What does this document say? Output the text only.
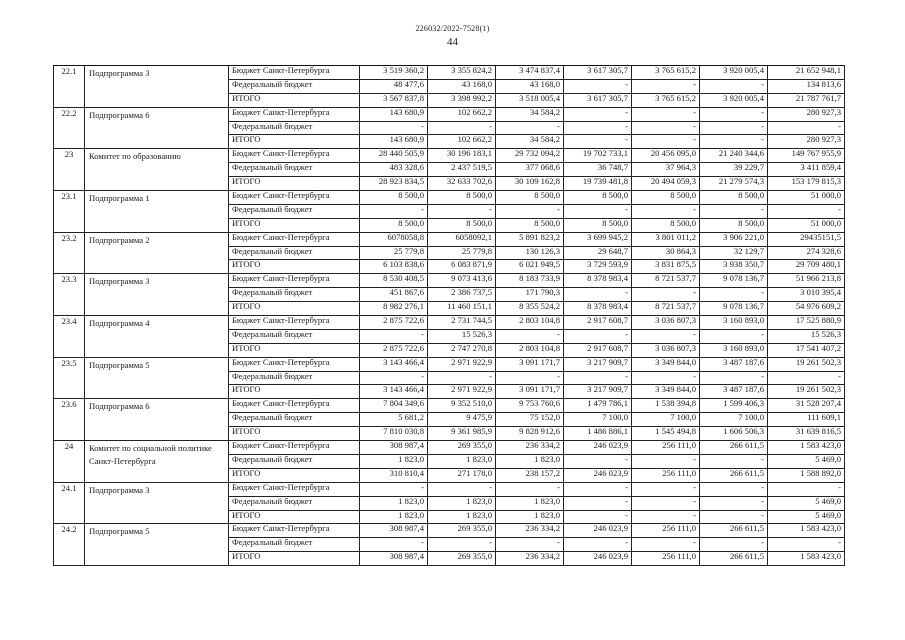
226032/2022-7528(1)
44
22.1	Подпрограмма 3	Бюджет Санкт-Петербурга	3 519 360,2	3 355 824,2	3 474 837,4	3 617 305,7	3 765 615,2	3 920 005,4	21 652 948,1
		Федеральный бюджет	48 477,6	43 168,0	43 168,0	-	-	-	134 813,6
		ИТОГО	3 567 837,8	3 398 992,2	3 518 005,4	3 617 305,7	3 765 615,2	3 920 005,4	21 787 761,7
22.2	Подпрограмма 6	Бюджет Санкт-Петербурга	143 680,9	102 662,2	34 584,2	-	-	-	280 927,3
		Федеральный бюджет	-	-	-	-	-	-	-
		ИТОГО	143 680,9	102 662,2	34 584,2	-	-	-	280 927,3
23	Комитет по образованию	Бюджет Санкт-Петербурга	28 440 505,9	30 196 183,1	29 732 094,2	19 702 733,1	20 456 095,0	21 240 344,6	149 767 955,9
		Федеральный бюджет	483 328,6	2 437 519,5	377 068,6	36 748,7	37 964,3	39 229,7	3 411 859,4
		ИТОГО	28 923 834,5	32 633 702,6	30 109 162,8	19 739 481,8	20 494 059,3	21 279 574,3	153 179 815,3
23.1	Подпрограмма 1	Бюджет Санкт-Петербурга	8 500,0	8 500,0	8 500,0	8 500,0	8 500,0	8 500,0	51 000,0
		Федеральный бюджет	-	-	-	-	-	-	-
		ИТОГО	8 500,0	8 500,0	8 500,0	8 500,0	8 500,0	8 500,0	51 000,0
23.2	Подпрограмма 2	Бюджет Санкт-Петербурга	6078058,8	6058092,1	5 891 823,2	3 699 945,2	3 801 011,2	3 906 221,0	29435151,5
		Федеральный бюджет	25 779,8	25 779,8	130 126,3	29 648,7	30 864,3	32 129,7	274 328,6
		ИТОГО	6 103 838,6	6 083 871,9	6 021 949,5	3 729 593,9	3 831 875,5	3 938 350,7	29 709 480,1
23.3	Подпрограмма 3	Бюджет Санкт-Петербурга	8 530 408,5	9 073 413,6	8 183 733,9	8 378 983,4	8 721 537,7	9 078 136,7	51 966 213,8
		Федеральный бюджет	451 867,6	2 386 737,5	171 790,3	-	-	-	3 010 395,4
		ИТОГО	8 982 276,1	11 460 151,1	8 355 524,2	8 378 983,4	8 721 537,7	9 078 136,7	54 976 609,2
23.4	Подпрограмма 4	Бюджет Санкт-Петербурга	2 875 722,6	2 731 744,5	2 803 104,8	2 917 608,7	3 036 807,3	3 160 893,0	17 525 880,9
		Федеральный бюджет	-	15 526,3	-	-	-	-	15 526,3
		ИТОГО	2 875 722,6	2 747 270,8	2 803 104,8	2 917 608,7	3 036 807,3	3 160 893,0	17 541 407,2
23.5	Подпрограмма 5	Бюджет Санкт-Петербурга	3 143 466,4	2 971 922,9	3 091 171,7	3 217 909,7	3 349 844,0	3 487 187,6	19 261 502,3
		Федеральный бюджет	-	-	-	-	-	-	-
		ИТОГО	3 143 466,4	2 971 922,9	3 091 171,7	3 217 909,7	3 349 844,0	3 487 187,6	19 261 502,3
23.6	Подпрограмма 6	Бюджет Санкт-Петербурга	7 804 349,6	9 352 510,0	9 753 760,6	1 479 786,1	1 538 394,8	1 599 406,3	31 528 207,4
		Федеральный бюджет	5 681,2	9 475,9	75 152,0	7 100,0	7 100,0	7 100,0	111 609,1
		ИТОГО	7 810 030,8	9 361 985,9	9 828 912,6	1 486 886,1	1 545 494,8	1 606 506,3	31 639 816,5
24	Комитет по социальной политике Санкт-Петербурга	Бюджет Санкт-Петербурга	308 987,4	269 355,0	236 334,2	246 023,9	256 111,0	266 611,5	1 583 423,0
		Федеральный бюджет	1 823,0	1 823,0	1 823,0	-	-	-	5 469,0
		ИТОГО	310 810,4	271 178,0	238 157,2	246 023,9	256 111,0	266 611,5	1 588 892,0
24.1	Подпрограмма 3	Бюджет Санкт-Петербурга	-	-	-	-	-	-	-
		Федеральный бюджет	1 823,0	1 823,0	1 823,0	-	-	-	5 469,0
		ИТОГО	1 823,0	1 823,0	1 823,0	-	-	-	5 469,0
24.2	Подпрограмма 5	Бюджет Санкт-Петербурга	308 987,4	269 355,0	236 334,2	246 023,9	256 111,0	266 611,5	1 583 423,0
		Федеральный бюджет	-	-	-	-	-	-	-
		ИТОГО	308 987,4	269 355,0	236 334,2	246 023,9	256 111,0	266 611,5	1 583 423,0
